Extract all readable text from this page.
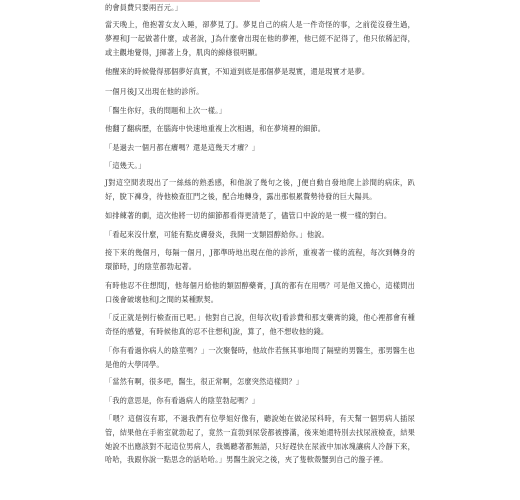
的會員費只要兩百元。」

當天晚上，他抱著女友入睡，卻夢見了J。夢見自己的病人是一件奇怪的事，之前從沒發生過，夢裡和J一起做著什麼，或者說，J為什麼會出現在他的夢裡，他已經不記得了，他只依稀記得，或主觀地覺得，J揮著上身，肌肉的線條很明顯。

他醒來的時候覺得那個夢好真實，不知道到底是那個夢是現實，還是現實才是夢。

一個月後J又出現在他的診所。

「醫生你好，我的問題和上次一樣。」

他翻了翻病歷，在腦海中快速地重複上次相遇，和在夢境裡的細節。

「是過去一個月都在癢嗎？還是這幾天才癢？」

「這幾天。」

J對這空間表現出了一絲絲的熟悉感，和他說了幾句之後，J便自動自發地爬上診間的病床，趴好，脫下褲身，待他檢查肛門之後，配合地轉身，露出那根累贅勢待發的巨大陽具。

如排練著的劇，這次他將一切的細節都看得更清楚了，儘管口中說的是一模一樣的對白。

「看起來沒什麼，可能有點皮膚發炎，我開一支類固醇給你。」他說。

接下來的幾個月，每隔一個月，J都準時地出現在他的診所，重複著一樣的流程，每次到轉身的環節時，J的陰莖都勃起著。

有時他忍不住想問J，他每個月給他的類固醇藥膏，J真的都有在用嗎？可是他又擔心，這樣問出口後會破壞他和J之間的某種默契。

「反正就是例行檢查而已吧。」他對自己說，但每次收J看診費和那支藥膏的錢，他心裡都會有種奇怪的感覺，有時候他真的忍不住想和J說，算了，他不想收他的錢。

「你有看過你病人的陰莖嗎？」一次聚餐時，他故作若無其事地問了隔壁的男醫生，那男醫生也是他的大學同學。

「當然有啊，很多吧，醫生，很正常啊，怎麼突然這樣問？」

「我的意思是，你有看過病人的陰莖勃起嗎？」

「喂？這個沒有耶，不過我們有位學姐好像有，聽說她在做泌尿科時，有天幫一個男病人插尿管，結果他在手術室就勃起了，竟然一直勃到尿袋都被撐滿，後來她還特別去找尿液檢查，結果她說不出應該對不起這位男病人，我媽聽著都無語，只好趕快在尿液中加冰塊讓病人冷靜下來，哈哈，我跟你說一點思念的話哈哈。」男醫生說完之後，夾了隻軟殼蟹到自己的盤子裡。
